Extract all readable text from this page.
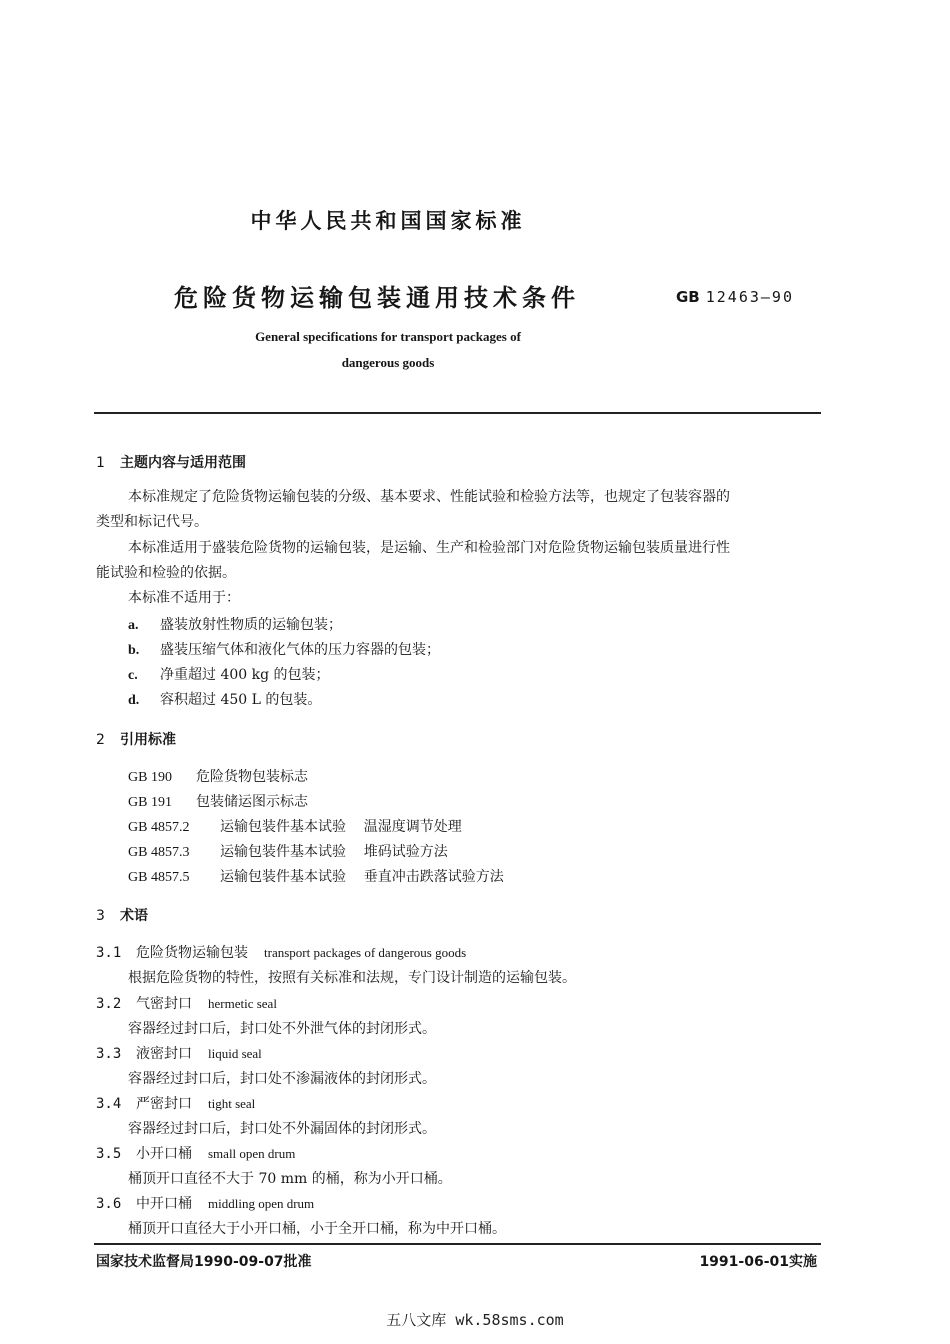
中华人民共和国国家标准
危险货物运输包装通用技术条件	GB 12463—90
General specifications for transport packages of
dangerous goods
1 主题内容与适用范围
本标准规定了危险货物运输包装的分级、基本要求、性能试验和检验方法等，也规定了包装容器的
类型和标记代号。
本标准适用于盛装危险货物的运输包装，是运输、生产和检验部门对危险货物运输包装质量进行性
能试验和检验的依据。
本标准不适用于：
a. 盛装放射性物质的运输包装；
b. 盛装压缩气体和液化气体的压力容器的包装；
c. 净重超过 400 kg 的包装；
d. 容积超过 450 L 的包装。
2 引用标准
GB 190 危险货物包装标志
GB 191 包装储运图示标志
GB 4857.2 运输包装件基本试验    温湿度调节处理
GB 4857.3 运输包装件基本试验    堆码试验方法
GB 4857.5 运输包装件基本试验    垂直冲击跌落试验方法
3 术语
3.1 危险货物运输包装 transport packages of dangerous goods
根据危险货物的特性，按照有关标准和法规，专门设计制造的运输包装。
3.2 气密封口 hermetic seal
容器经过封口后，封口处不外泄气体的封闭形式。
3.3 液密封口 liquid seal
容器经过封口后，封口处不渗漏液体的封闭形式。
3.4 严密封口 tight seal
容器经过封口后，封口处不外漏固体的封闭形式。
3.5 小开口桶 small open drum
桶顶开口直径不大于 70 mm 的桶，称为小开口桶。
3.6 中开口桶 middling open drum
桶顶开口直径大于小开口桶，小于全开口桶，称为中开口桶。
国家技术监督局1990-09-07批准	1991-06-01实施
五八文库 wk.58sms.com
